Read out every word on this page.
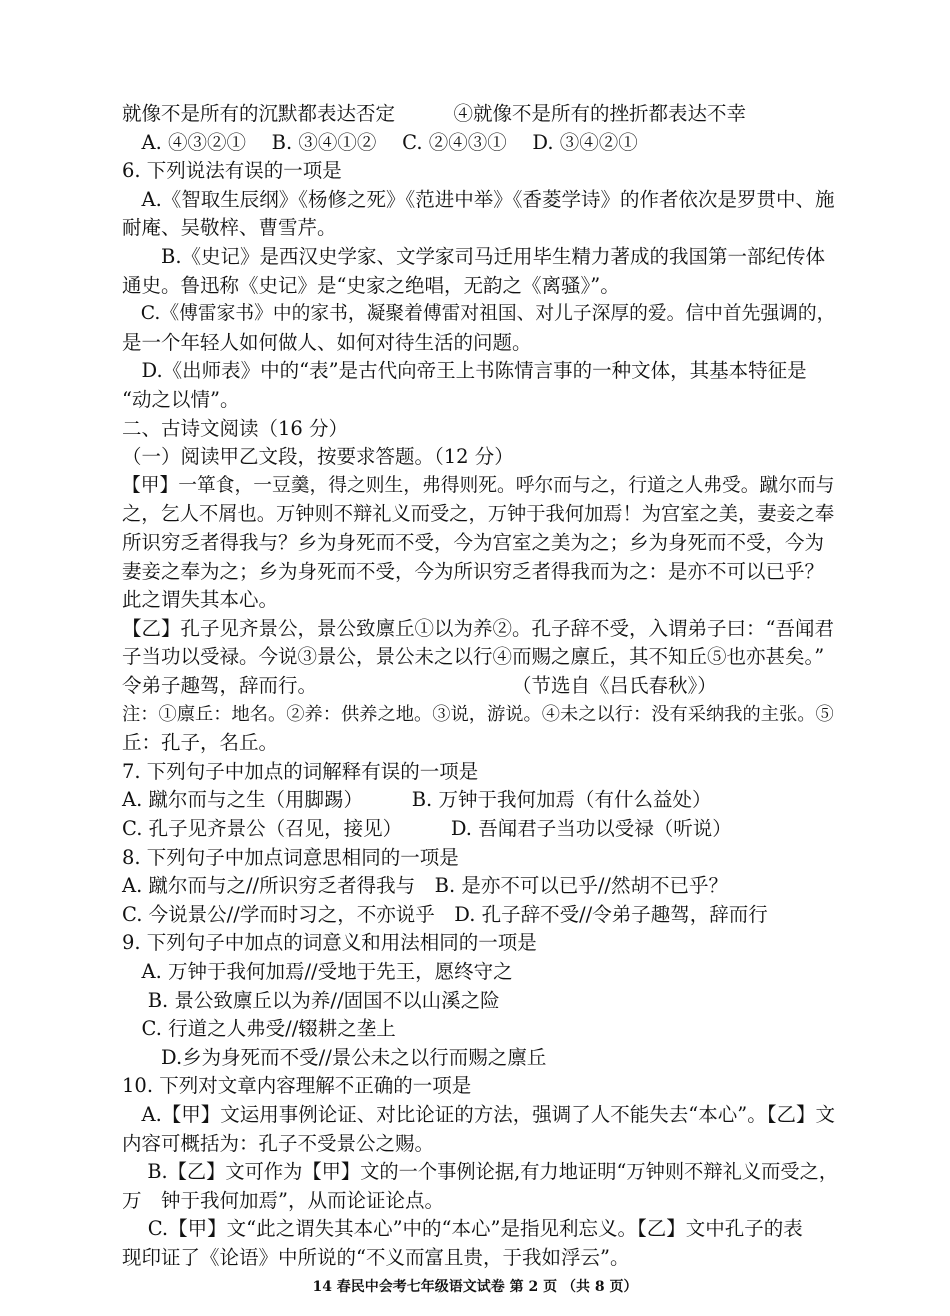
就像不是所有的沉默都表达否定　　　④就像不是所有的挫折都表达不幸
　A. ④③②①　 B. ③④①②　 C. ②④③①　 D. ③④②①
6. 下列说法有误的一项是
　A.《智取生辰纲》《杨修之死》《范进中举》《香菱学诗》的作者依次是罗贯中、施
耐庵、吴敬梓、曹雪芹。
　　B.《史记》是西汉史学家、文学家司马迁用毕生精力著成的我国第一部纪传体
通史。鲁迅称《史记》是“史家之绝唱，无韵之《离骚》”。
　C.《傅雷家书》中的家书，凝聚着傅雷对祖国、对儿子深厚的爱。信中首先强调的，
是一个年轻人如何做人、如何对待生活的问题。
　D.《出师表》中的“表”是古代向帝王上书陈情言事的一种文体，其基本特征是
“动之以情”。
二、古诗文阅读（16 分）
（一）阅读甲乙文段，按要求答题。（12 分）
【甲】一箪食，一豆羹，得之则生，弗得则死。呼尔而与之，行道之人弗受。蹴尔而与
之，乞人不屑也。万钟则不辩礼义而受之，万钟于我何加焉！为宫室之美，妻妾之奉
所识穷乏者得我与？乡为身死而不受，今为宫室之美为之；乡为身死而不受，今为
妻妾之奉为之；乡为身死而不受，今为所识穷乏者得我而为之：是亦不可以已乎？
此之谓失其本心。
【乙】孔子见齐景公，景公致廪丘①以为养②。孔子辞不受，入谓弟子曰：“吾闻君
子当功以受禄。今说③景公，景公未之以行④而赐之廪丘，其不知丘⑤也亦甚矣。”
令弟子趣驾，辞而行。　　　　　　　　　　　（节选自《吕氏春秋》）
注：①廪丘：地名。②养：供养之地。③说，游说。④未之以行：没有采纳我的主张。⑤
丘：孔子，名丘。
7. 下列句子中加点的词解释有误的一项是
A. 蹴尔而与之生（用脚踢）　　　B. 万钟于我何加焉（有什么益处）
C. 孔子见齐景公（召见，接见）　　　D. 吾闻君子当功以受禄（听说）
8. 下列句子中加点词意思相同的一项是
A. 蹴尔而与之//所识穷乏者得我与　B. 是亦不可以已乎//然胡不已乎？
C. 今说景公//学而时习之，不亦说乎　D. 孔子辞不受//令弟子趣驾，辞而行
9. 下列句子中加点的词意义和用法相同的一项是
　A. 万钟于我何加焉//受地于先王，愿终守之
　 B. 景公致廪丘以为养//固国不以山溪之险
　C. 行道之人弗受//辍耕之垄上
　　D.乡为身死而不受//景公未之以行而赐之廪丘
10. 下列对文章内容理解不正确的一项是
　A.【甲】文运用事例论证、对比论证的方法，强调了人不能失去“本心”。【乙】文
内容可概括为：孔子不受景公之赐。
　 B.【乙】文可作为【甲】文的一个事例论据,有力地证明“万钟则不辩礼义而受之，
万　钟于我何加焉”，从而论证论点。
　 C.【甲】文“此之谓失其本心”中的“本心”是指见利忘义。【乙】文中孔子的表
现印证了《论语》中所说的“不义而富且贵，于我如浮云”。
14 春民中会考七年级语文试卷 第 2 页 （共 8 页）
